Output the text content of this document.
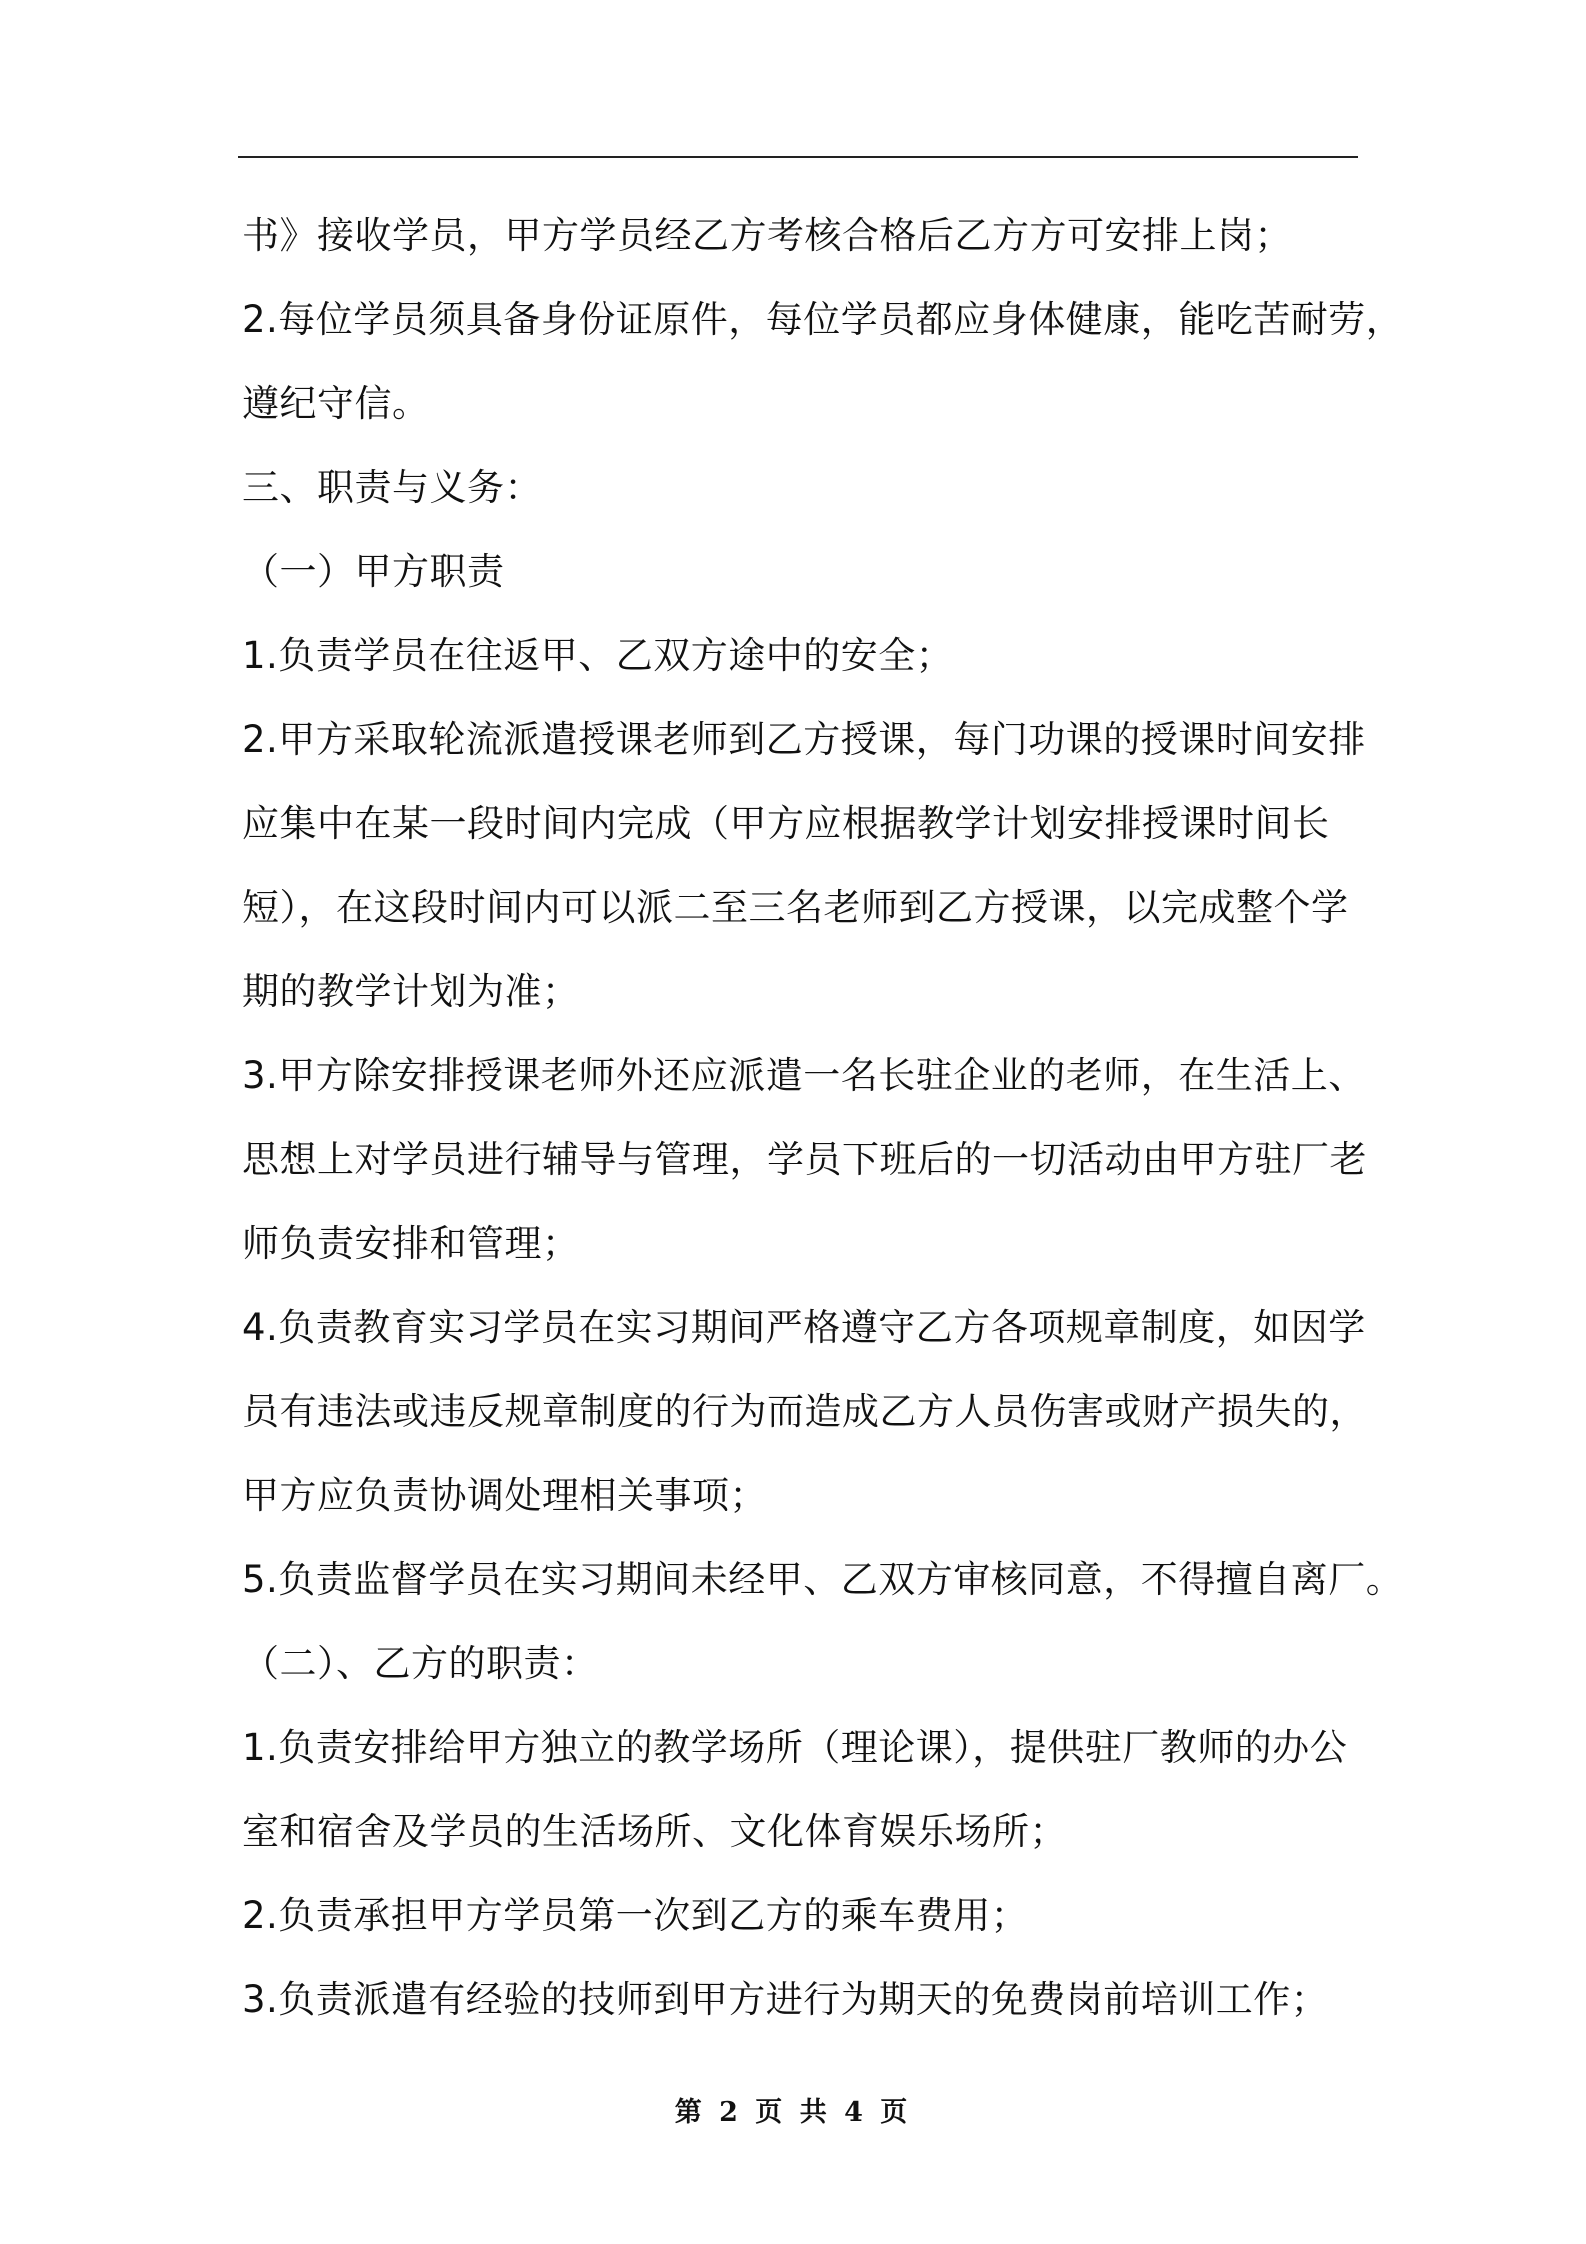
书》接收学员，甲方学员经乙方考核合格后乙方方可安排上岗；
2.每位学员须具备身份证原件，每位学员都应身体健康，能吃苦耐劳，
遵纪守信。
三、职责与义务：
（一）甲方职责
1.负责学员在往返甲、乙双方途中的安全；
2.甲方采取轮流派遣授课老师到乙方授课，每门功课的授课时间安排
应集中在某一段时间内完成（甲方应根据教学计划安排授课时间长
短），在这段时间内可以派二至三名老师到乙方授课，以完成整个学
期的教学计划为准；
3.甲方除安排授课老师外还应派遣一名长驻企业的老师，在生活上、
思想上对学员进行辅导与管理，学员下班后的一切活动由甲方驻厂老
师负责安排和管理；
4.负责教育实习学员在实习期间严格遵守乙方各项规章制度，如因学
员有违法或违反规章制度的行为而造成乙方人员伤害或财产损失的，
甲方应负责协调处理相关事项；
5.负责监督学员在实习期间未经甲、乙双方审核同意，不得擅自离厂。
（二）、乙方的职责：
1.负责安排给甲方独立的教学场所（理论课），提供驻厂教师的办公
室和宿舍及学员的生活场所、文化体育娱乐场所；
2.负责承担甲方学员第一次到乙方的乘车费用；
3.负责派遣有经验的技师到甲方进行为期天的免费岗前培训工作；
第 2 页 共 4 页
